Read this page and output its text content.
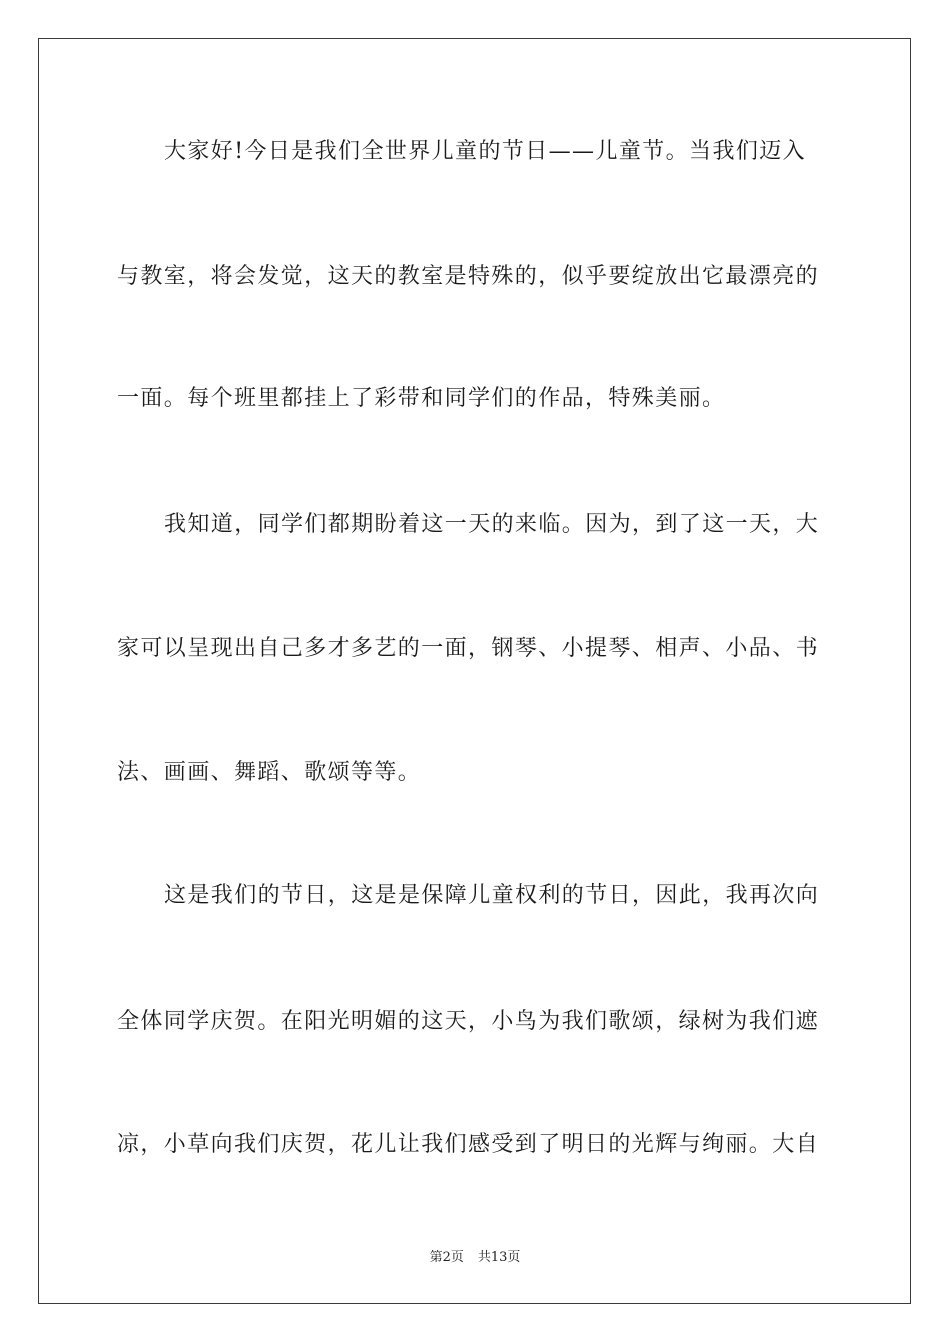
大家好!今日是我们全世界儿童的节日——儿童节。当我们迈入
与教室，将会发觉，这天的教室是特殊的，似乎要绽放出它最漂亮的
一面。每个班里都挂上了彩带和同学们的作品，特殊美丽。
我知道，同学们都期盼着这一天的来临。因为，到了这一天，大
家可以呈现出自己多才多艺的一面，钢琴、小提琴、相声、小品、书
法、画画、舞蹈、歌颂等等。
这是我们的节日，这是是保障儿童权利的节日，因此，我再次向
全体同学庆贺。在阳光明媚的这天，小鸟为我们歌颂，绿树为我们遮
凉，小草向我们庆贺，花儿让我们感受到了明日的光辉与绚丽。大自
第2页 共13页
